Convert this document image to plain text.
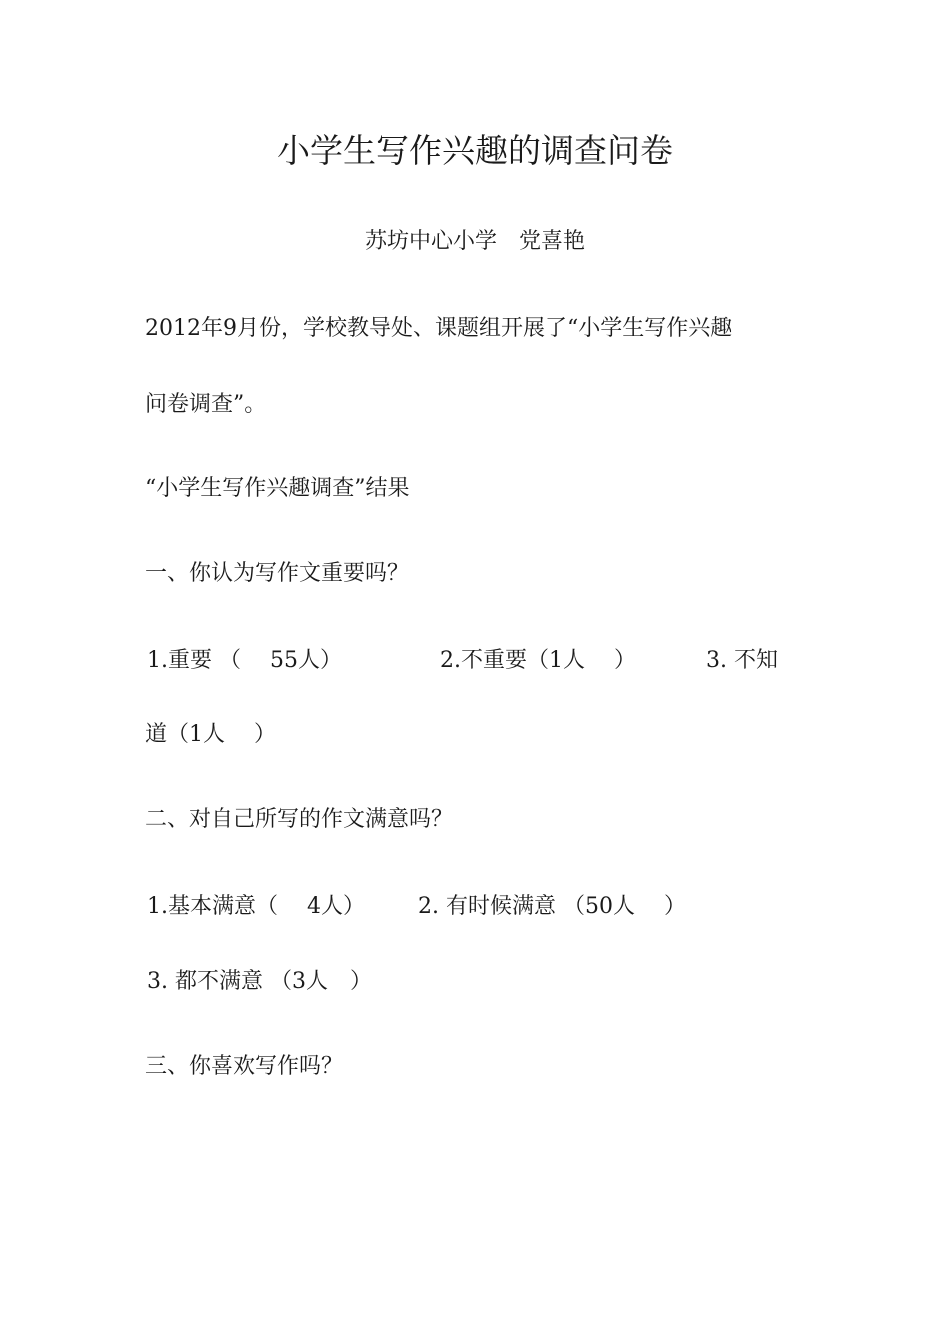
小学生写作兴趣的调查问卷
苏坊中心小学　党喜艳
2012年9月份，学校教导处、课题组开展了“小学生写作兴趣
问卷调查”。
“小学生写作兴趣调查”结果
一、你认为写作文重要吗？
1.重要 （　 55人）	2.不重要（1人　 ）	3. 不知
道（1人　 ）
二、对自己所写的作文满意吗？
1.基本满意（　 4人） 2. 有时候满意 （50人　 ）
3. 都不满意 （3人　）
三、你喜欢写作吗？
